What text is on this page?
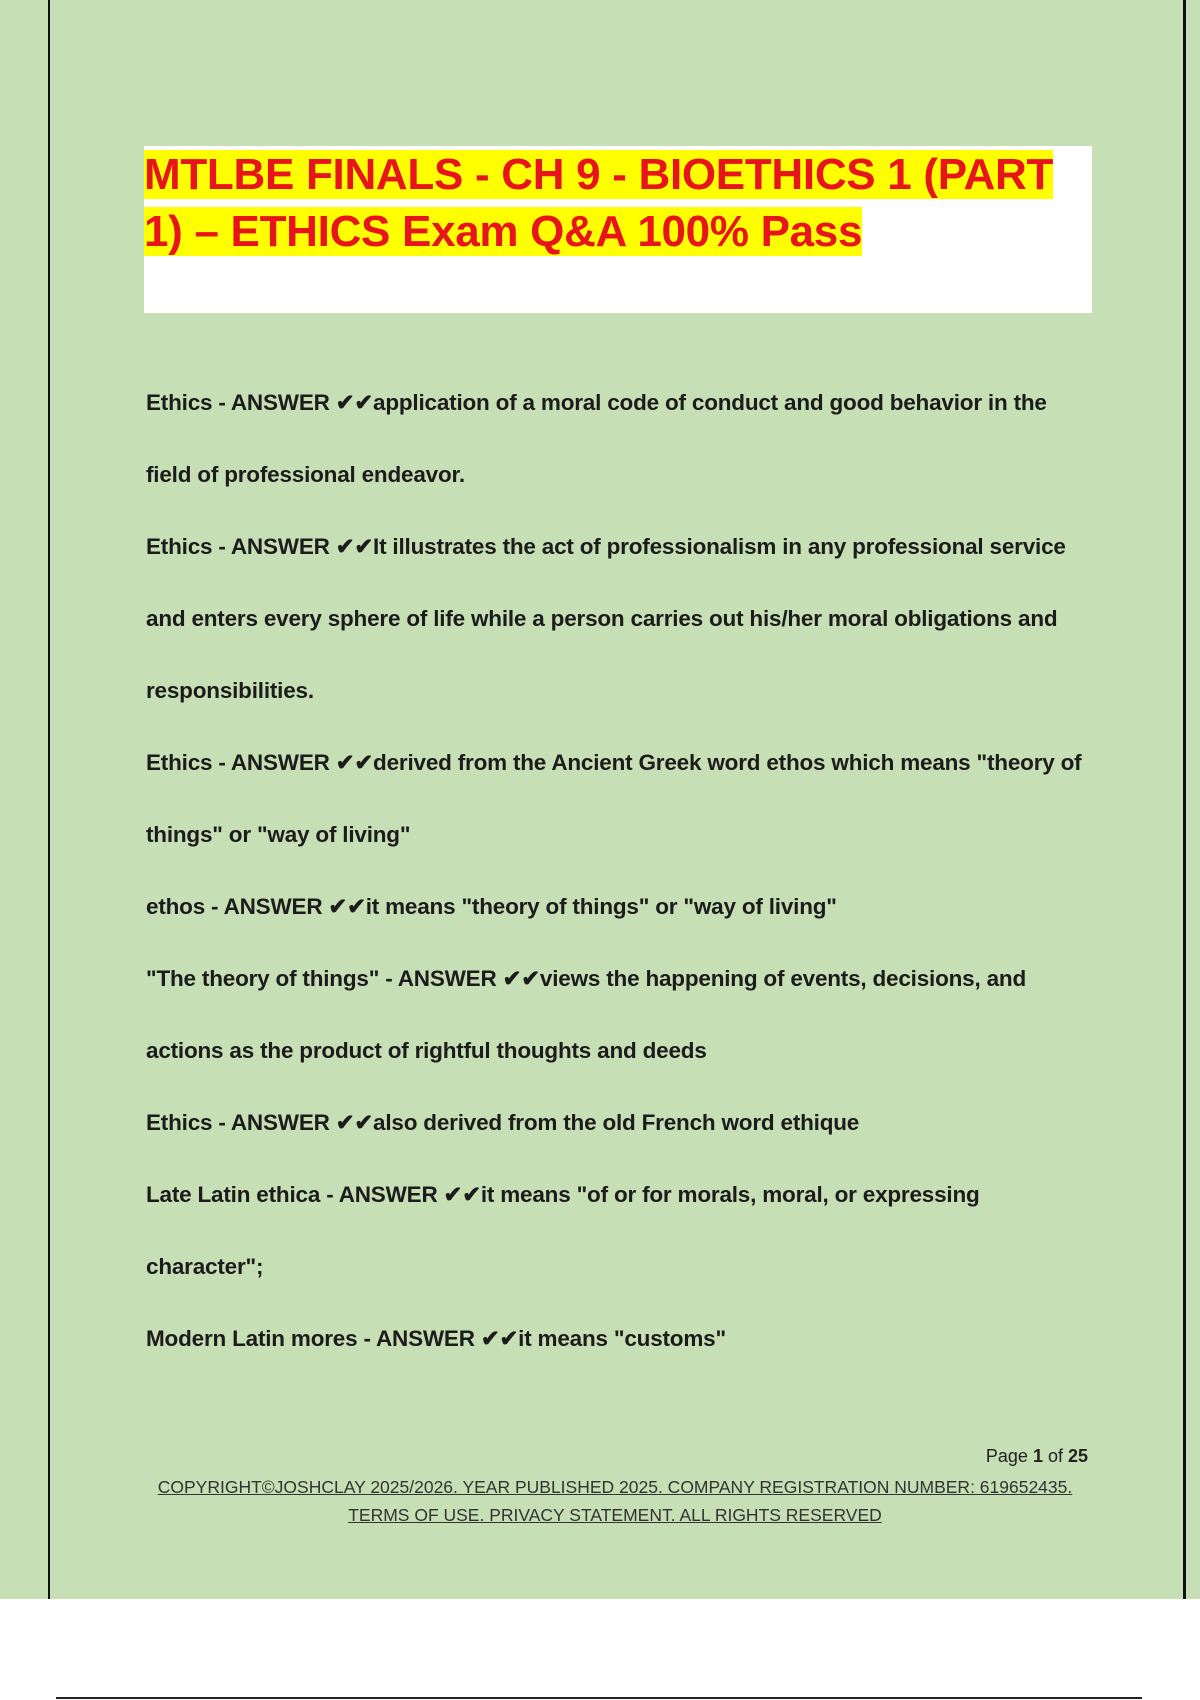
MTLBE FINALS - CH 9 - BIOETHICS 1 (PART 1) – ETHICS Exam Q&A 100% Pass

Ethics - ANSWER ✔✔application of a moral code of conduct and good behavior in the field of professional endeavor.

Ethics - ANSWER ✔✔It illustrates the act of professionalism in any professional service and enters every sphere of life while a person carries out his/her moral obligations and responsibilities.

Ethics - ANSWER ✔✔derived from the Ancient Greek word ethos which means "theory of things" or "way of living"

ethos - ANSWER ✔✔it means "theory of things" or "way of living"

"The theory of things" - ANSWER ✔✔views the happening of events, decisions, and actions as the product of rightful thoughts and deeds

Ethics - ANSWER ✔✔also derived from the old French word ethique

Late Latin ethica - ANSWER ✔✔it means "of or for morals, moral, or expressing character";

Modern Latin mores - ANSWER ✔✔it means "customs"

Page 1 of 25
COPYRIGHT©JOSHCLAY 2025/2026. YEAR PUBLISHED 2025. COMPANY REGISTRATION NUMBER: 619652435. TERMS OF USE. PRIVACY STATEMENT. ALL RIGHTS RESERVED
